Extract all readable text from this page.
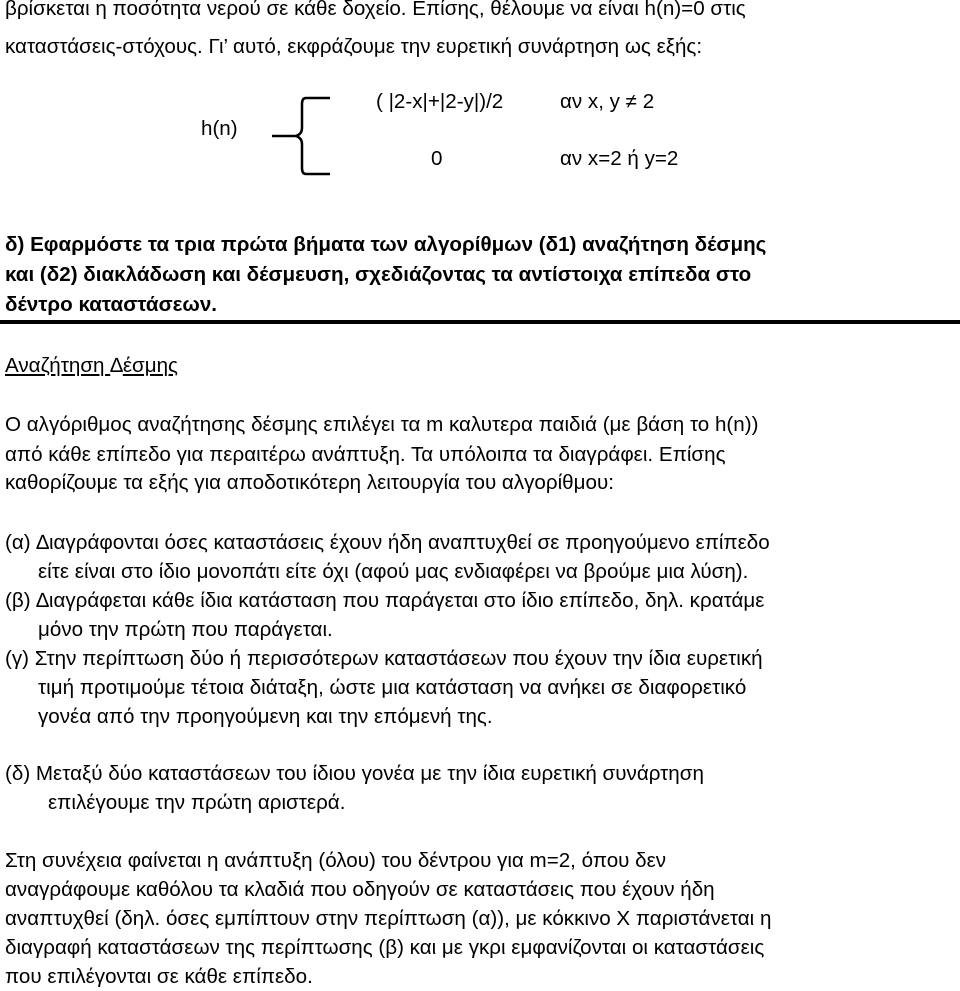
βρίσκεται η ποσότητα νερού σε κάθε δοχείο. Επίσης, θέλουμε να είναι h(n)=0 στις
καταστάσεις-στόχους. Γι’ αυτό, εκφράζουμε την ευρετική συνάρτηση ως εξής:
h(n)
( |2-x|+|2-y|)/2	αν x, y ≠ 2
0	αν x=2 ή y=2
δ) Εφαρμόστε τα τρια πρώτα βήματα των αλγορίθμων (δ1) αναζήτηση δέσμης
και (δ2) διακλάδωση και δέσμευση, σχεδιάζοντας τα αντίστοιχα επίπεδα στο
δέντρο καταστάσεων.
Αναζήτηση ∆έσμης
Ο αλγόριθμος αναζήτησης δέσμης επιλέγει τα m καλυτερα παιδιά (με βάση το h(n))
από κάθε επίπεδο για περαιτέρω ανάπτυξη. Τα υπόλοιπα τα διαγράφει. Επίσης
καθορίζουμε τα εξής για αποδοτικότερη λειτουργία του αλγορίθμου:
(α) ∆ιαγράφονται όσες καταστάσεις έχουν ήδη αναπτυχθεί σε προηγούμενο επίπεδο
είτε είναι στο ίδιο μονοπάτι είτε όχι (αφού μας ενδιαφέρει να βρούμε μια λύση).
(β) ∆ιαγράφεται κάθε ίδια κατάσταση που παράγεται στο ίδιο επίπεδο, δηλ. κρατάμε
μόνο την πρώτη που παράγεται.
(γ) Στην περίπτωση δύο ή περισσότερων καταστάσεων που έχουν την ίδια ευρετική
τιμή προτιμούμε τέτοια διάταξη, ώστε μια κατάσταση να ανήκει σε διαφορετικό
γονέα από την προηγούμενη και την επόμενή της.
(δ) Μεταξύ δύο καταστάσεων του ίδιου γονέα με την ίδια ευρετική συνάρτηση
επιλέγουμε την πρώτη αριστερά.
Στη συνέχεια φαίνεται η ανάπτυξη (όλου) του δέντρου για m=2, όπου δεν
αναγράφουμε καθόλου τα κλαδιά που οδηγούν σε καταστάσεις που έχουν ήδη
αναπτυχθεί (δηλ. όσες εμπίπτουν στην περίπτωση (α)), με κόκκινο Χ παριστάνεται η
διαγραφή καταστάσεων της περίπτωσης (β) και με γκρι εμφανίζονται οι καταστάσεις
που επιλέγονται σε κάθε επίπεδο.
